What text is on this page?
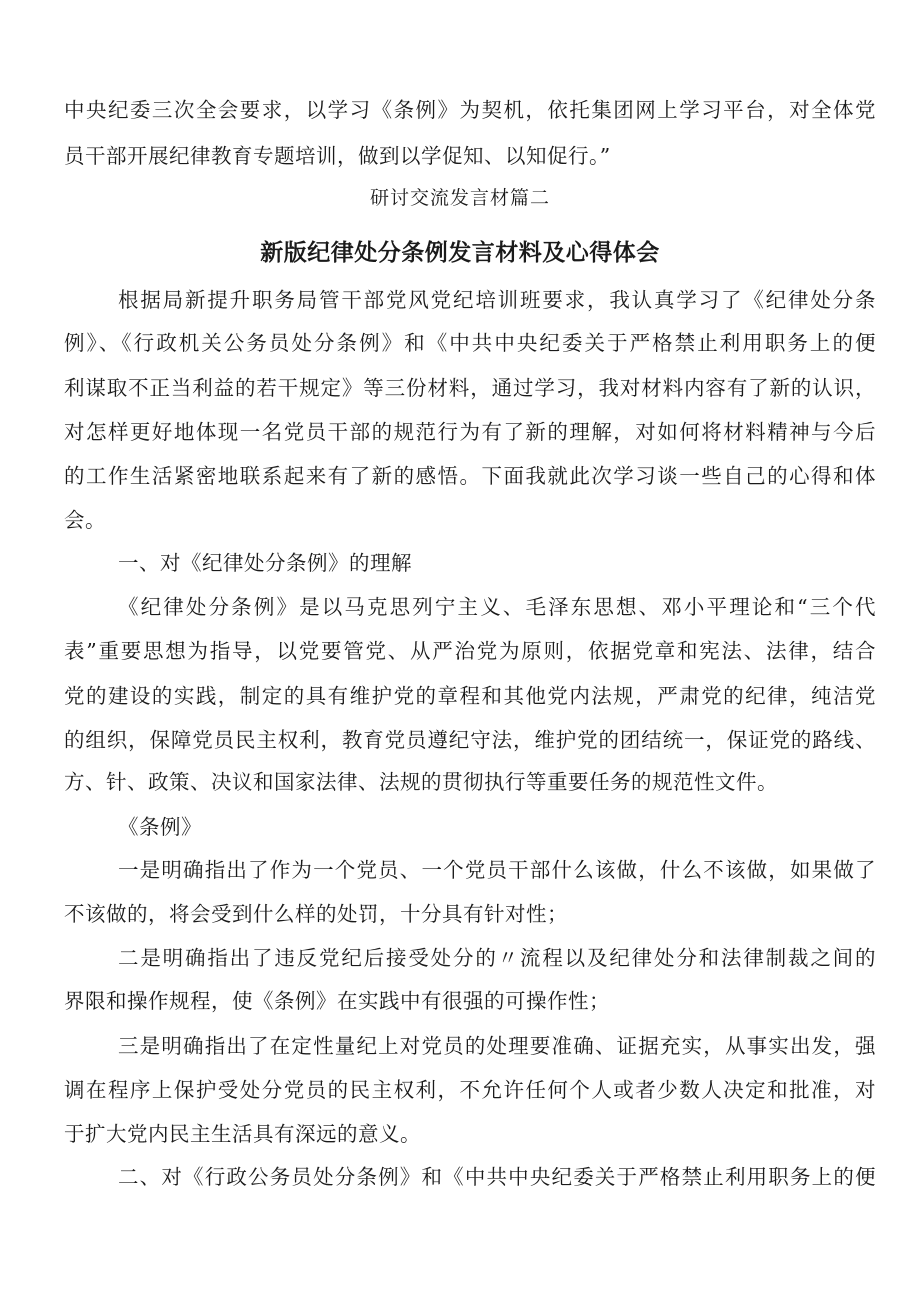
中央纪委三次全会要求，以学习《条例》为契机，依托集团网上学习平台，对全体党
员干部开展纪律教育专题培训，做到以学促知、以知促行。”
研讨交流发言材篇二
新版纪律处分条例发言材料及心得体会
根据局新提升职务局管干部党风党纪培训班要求，我认真学习了《纪律处分条
例》、《行政机关公务员处分条例》和《中共中央纪委关于严格禁止利用职务上的便
利谋取不正当利益的若干规定》等三份材料，通过学习，我对材料内容有了新的认识，
对怎样更好地体现一名党员干部的规范行为有了新的理解，对如何将材料精神与今后
的工作生活紧密地联系起来有了新的感悟。下面我就此次学习谈一些自己的心得和体
会。
一、对《纪律处分条例》的理解
《纪律处分条例》是以马克思列宁主义、毛泽东思想、邓小平理论和“三个代
表”重要思想为指导，以党要管党、从严治党为原则，依据党章和宪法、法律，结合
党的建设的实践，制定的具有维护党的章程和其他党内法规，严肃党的纪律，纯洁党
的组织，保障党员民主权利，教育党员遵纪守法，维护党的团结统一，保证党的路线、
方、针、政策、决议和国家法律、法规的贯彻执行等重要任务的规范性文件。
《条例》
一是明确指出了作为一个党员、一个党员干部什么该做，什么不该做，如果做了
不该做的，将会受到什么样的处罚，十分具有针对性；
二是明确指出了违反党纪后接受处分的〃流程以及纪律处分和法律制裁之间的
界限和操作规程，使《条例》在实践中有很强的可操作性；
三是明确指出了在定性量纪上对党员的处理要准确、证据充实，从事实出发，强
调在程序上保护受处分党员的民主权利，不允许任何个人或者少数人决定和批准，对
于扩大党内民主生活具有深远的意义。
二、对《行政公务员处分条例》和《中共中央纪委关于严格禁止利用职务上的便
